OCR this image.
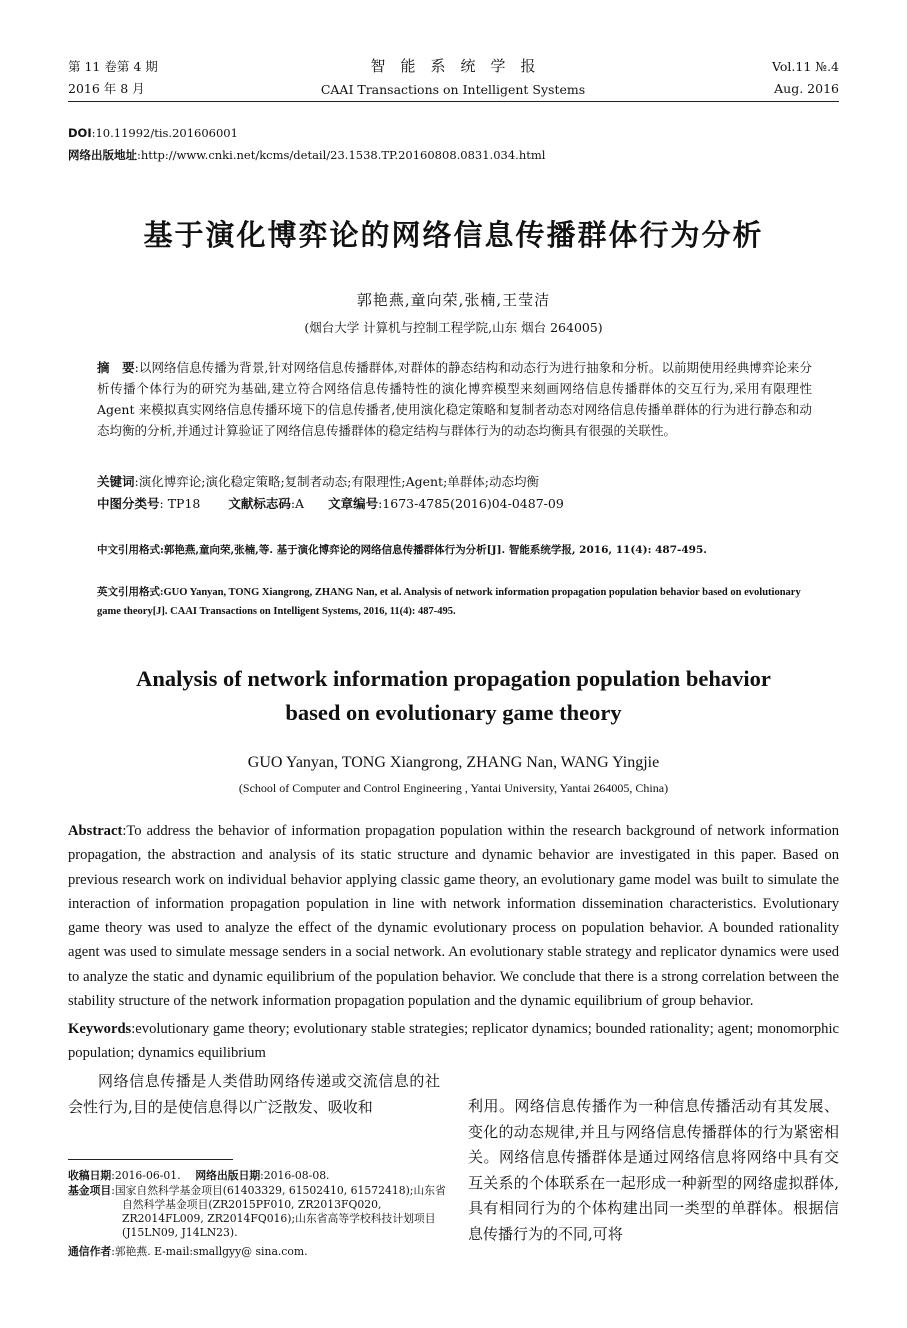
第 11 卷第 4 期
2016 年 8 月
智　能　系　统　学　报
CAAI Transactions on Intelligent Systems
Vol.11 №.4
Aug. 2016
DOI:10.11992/tis.201606001
网络出版地址:http://www.cnki.net/kcms/detail/23.1538.TP.20160808.0831.034.html
基于演化博弈论的网络信息传播群体行为分析
郭艳燕,童向荣,张楠,王莹洁
(烟台大学 计算机与控制工程学院,山东 烟台 264005)
摘　要:以网络信息传播为背景,针对网络信息传播群体,对群体的静态结构和动态行为进行抽象和分析。以前期使用经典博弈论来分析传播个体行为的研究为基础,建立符合网络信息传播特性的演化博弈模型来刻画网络信息传播群体的交互行为,采用有限理性 Agent 来模拟真实网络信息传播环境下的信息传播者,使用演化稳定策略和复制者动态对网络信息传播单群体的行为进行静态和动态均衡的分析,并通过计算验证了网络信息传播群体的稳定结构与群体行为的动态均衡具有很强的关联性。
关键词:演化博弈论;演化稳定策略;复制者动态;有限理性;Agent;单群体;动态均衡
中图分类号: TP18 文献标志码:A 文章编号:1673-4785(2016)04-0487-09
中文引用格式:郭艳燕,童向荣,张楠,等. 基于演化博弈论的网络信息传播群体行为分析[J]. 智能系统学报, 2016, 11(4): 487-495.
英文引用格式:GUO Yanyan, TONG Xiangrong, ZHANG Nan, et al. Analysis of network information propagation population behavior based on evolutionary game theory[J]. CAAI Transactions on Intelligent Systems, 2016, 11(4): 487-495.
Analysis of network information propagation population behavior
based on evolutionary game theory
GUO Yanyan, TONG Xiangrong, ZHANG Nan, WANG Yingjie
(School of Computer and Control Engineering , Yantai University, Yantai 264005, China)
Abstract:To address the behavior of information propagation population within the research background of network information propagation, the abstraction and analysis of its static structure and dynamic behavior are investigated in this paper. Based on previous research work on individual behavior applying classic game theory, an evolutionary game model was built to simulate the interaction of information propagation population in line with network information dissemination characteristics. Evolutionary game theory was used to analyze the effect of the dynamic evolutionary process on population behavior. A bounded rationality agent was used to simulate message senders in a social network. An evolutionary stable strategy and replicator dynamics were used to analyze the static and dynamic equilibrium of the population behavior. We conclude that there is a strong correlation between the stability structure of the network information propagation population and the dynamic equilibrium of group behavior.
Keywords:evolutionary game theory; evolutionary stable strategies; replicator dynamics; bounded rationality; agent; monomorphic population; dynamics equilibrium
网络信息传播是人类借助网络传递或交流信息的社会性行为,目的是使信息得以广泛散发、吸收和	利用。网络信息传播作为一种信息传播活动有其发展、变化的动态规律,并且与网络信息传播群体的行为紧密相关。网络信息传播群体是通过网络信息将网络中具有交互关系的个体联系在一起形成一种新型的网络虚拟群体,具有相同行为的个体构建出同一类型的单群体。根据信息传播行为的不同,可将
收稿日期:2016-06-01. 网络出版日期:2016-08-08.
基金项目:国家自然科学基金项目(61403329, 61502410, 61572418);山东省自然科学基金项目(ZR2015PF010, ZR2013FQ020, ZR2014FL009, ZR2014FQ016);山东省高等学校科技计划项目(J15LN09, J14LN23).
通信作者:郭艳燕. E-mail:smallgyy@ sina.com.
